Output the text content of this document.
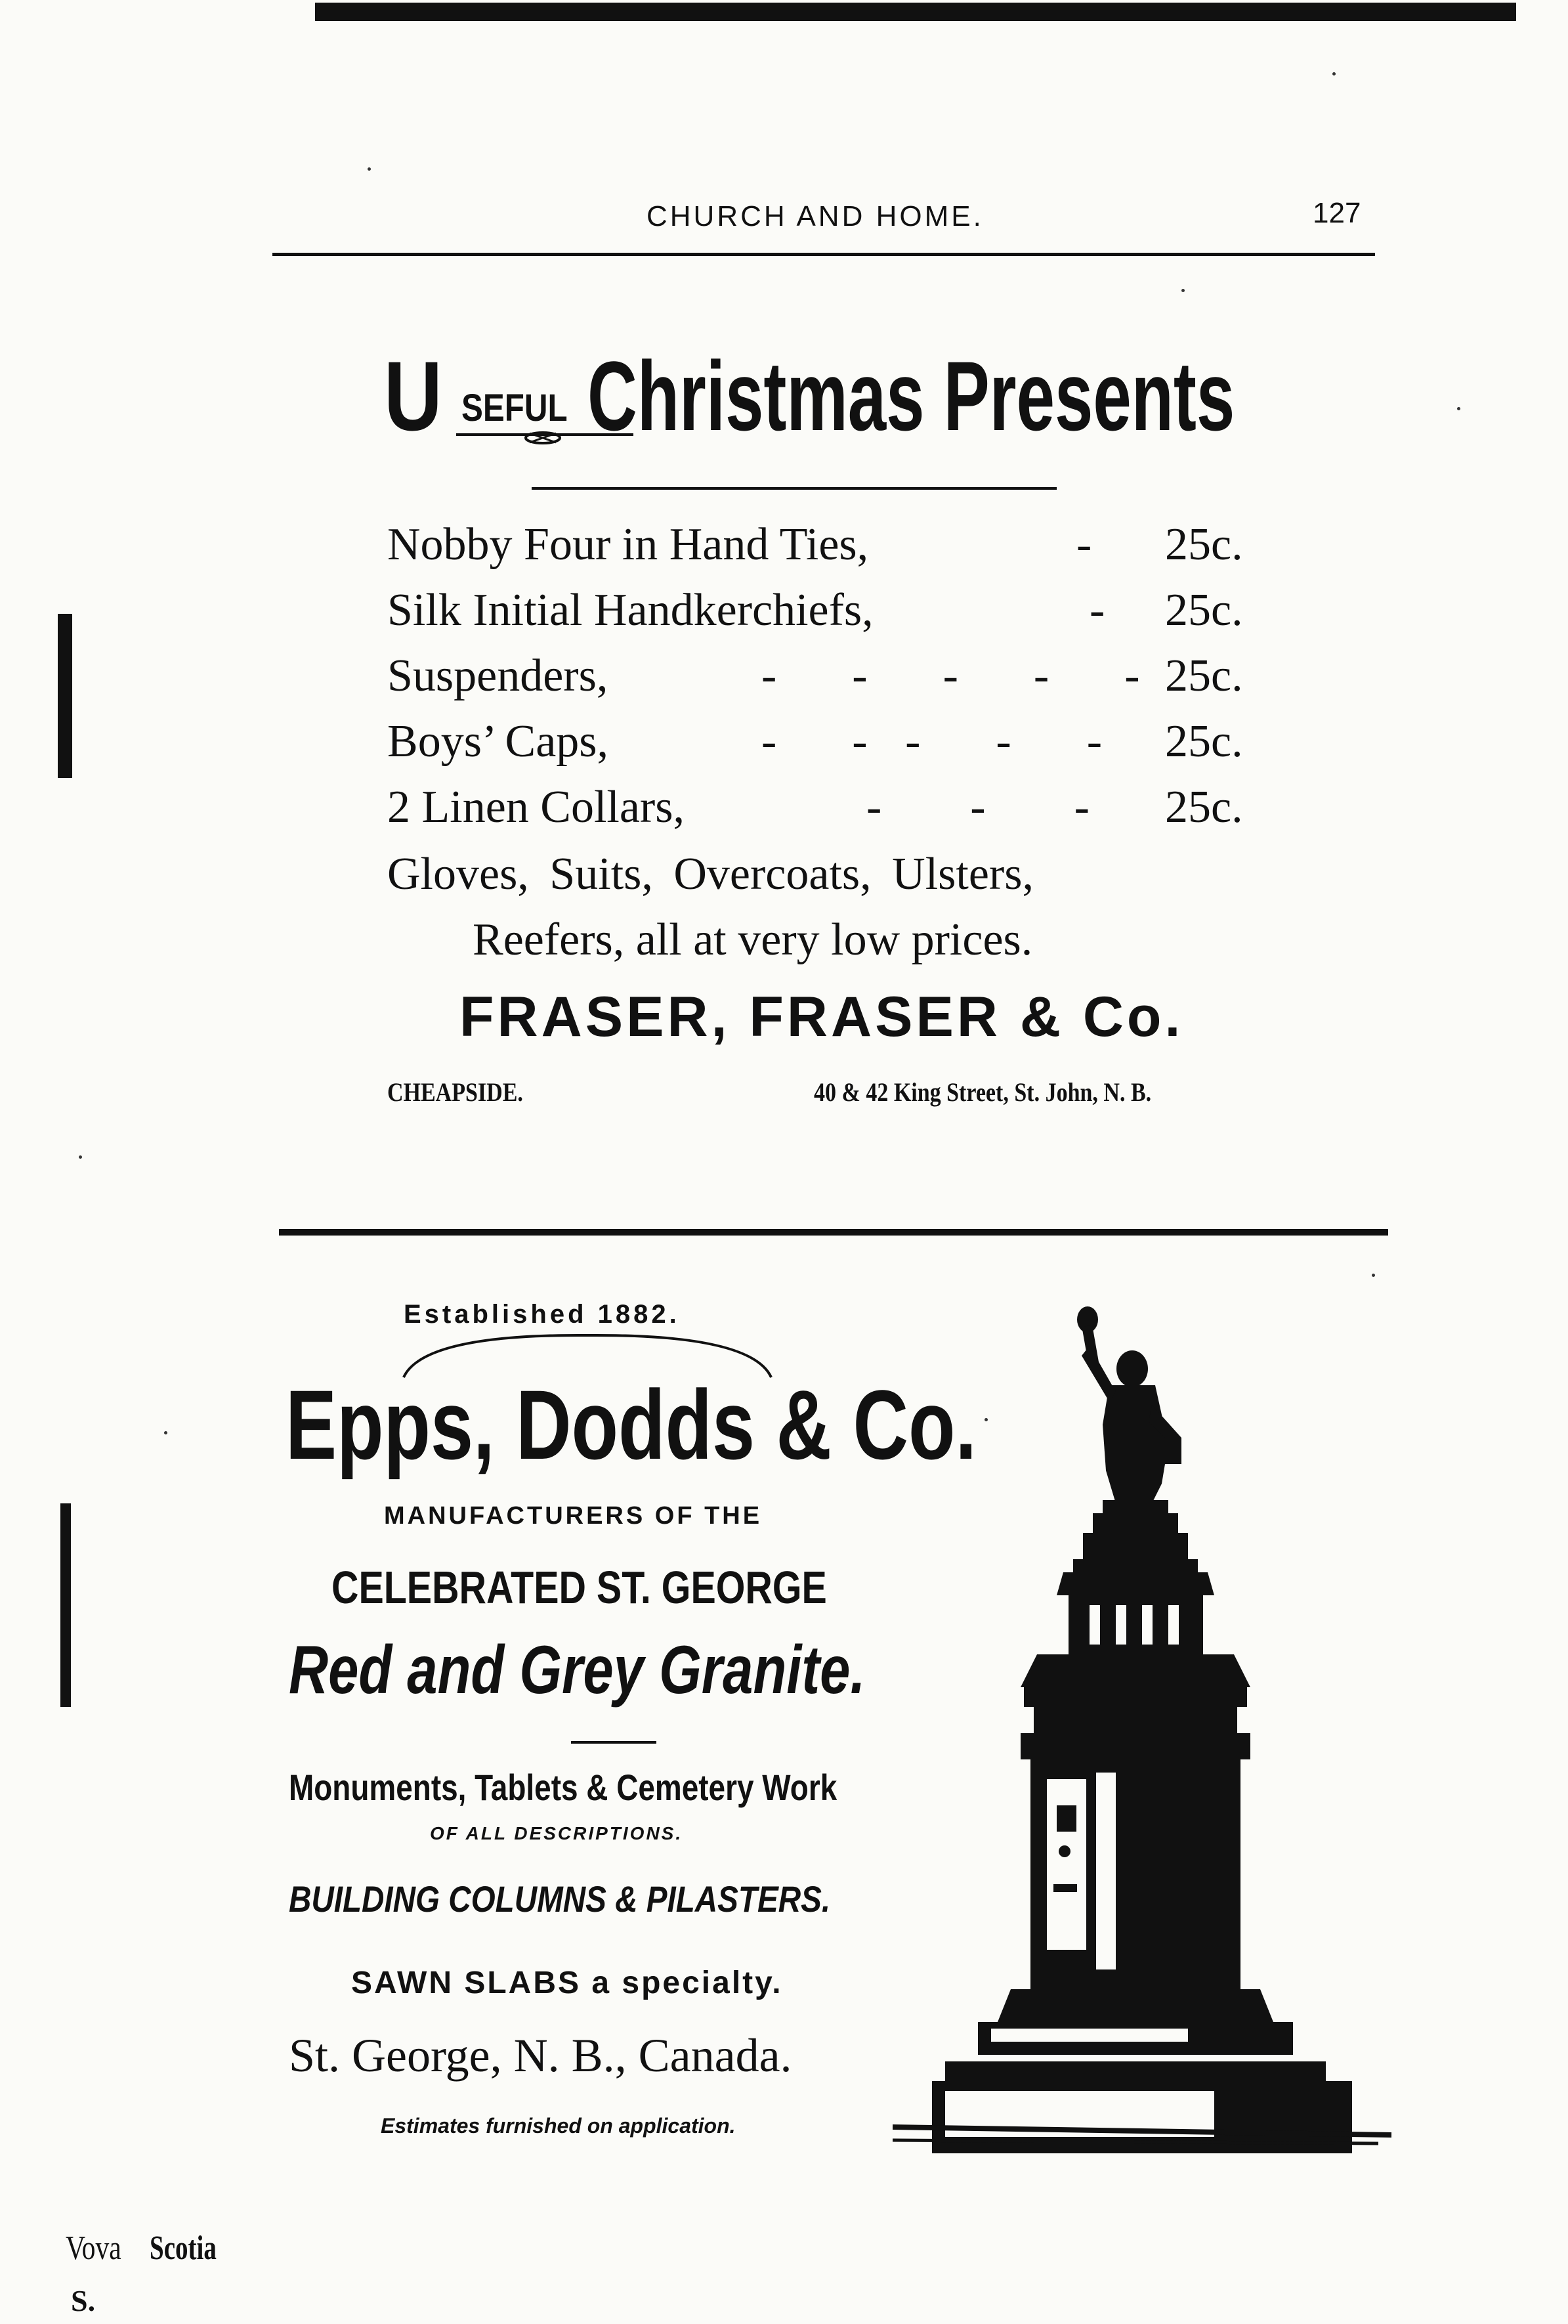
CHURCH AND HOME.	127
U SEFUL Christmas Presents
Nobby Four in Hand Ties,	- 25c.
Silk Initial Handkerchiefs,	- 25c.
Suspenders,	-  -  -  -  - 25c.
Boys’ Caps,	-  - -  -  - 25c.
2 Linen Collars,	-  -  - 25c.
Gloves, Suits, Overcoats, Ulsters,
Reefers, all at very low prices.
FRASER, FRASER & Co.
CHEAPSIDE.	40 & 42 King Street, St. John, N. B.
Established 1882.
Epps, Dodds & Co.
MANUFACTURERS OF THE
CELEBRATED ST. GEORGE
Red and Grey Granite.
Monuments, Tablets & Cemetery Work
OF ALL DESCRIPTIONS.
BUILDING COLUMNS & PILASTERS.
SAWN SLABS a specialty.
St. George, N. B., Canada.
Estimates furnished on application.
Vova Scotia
S.
